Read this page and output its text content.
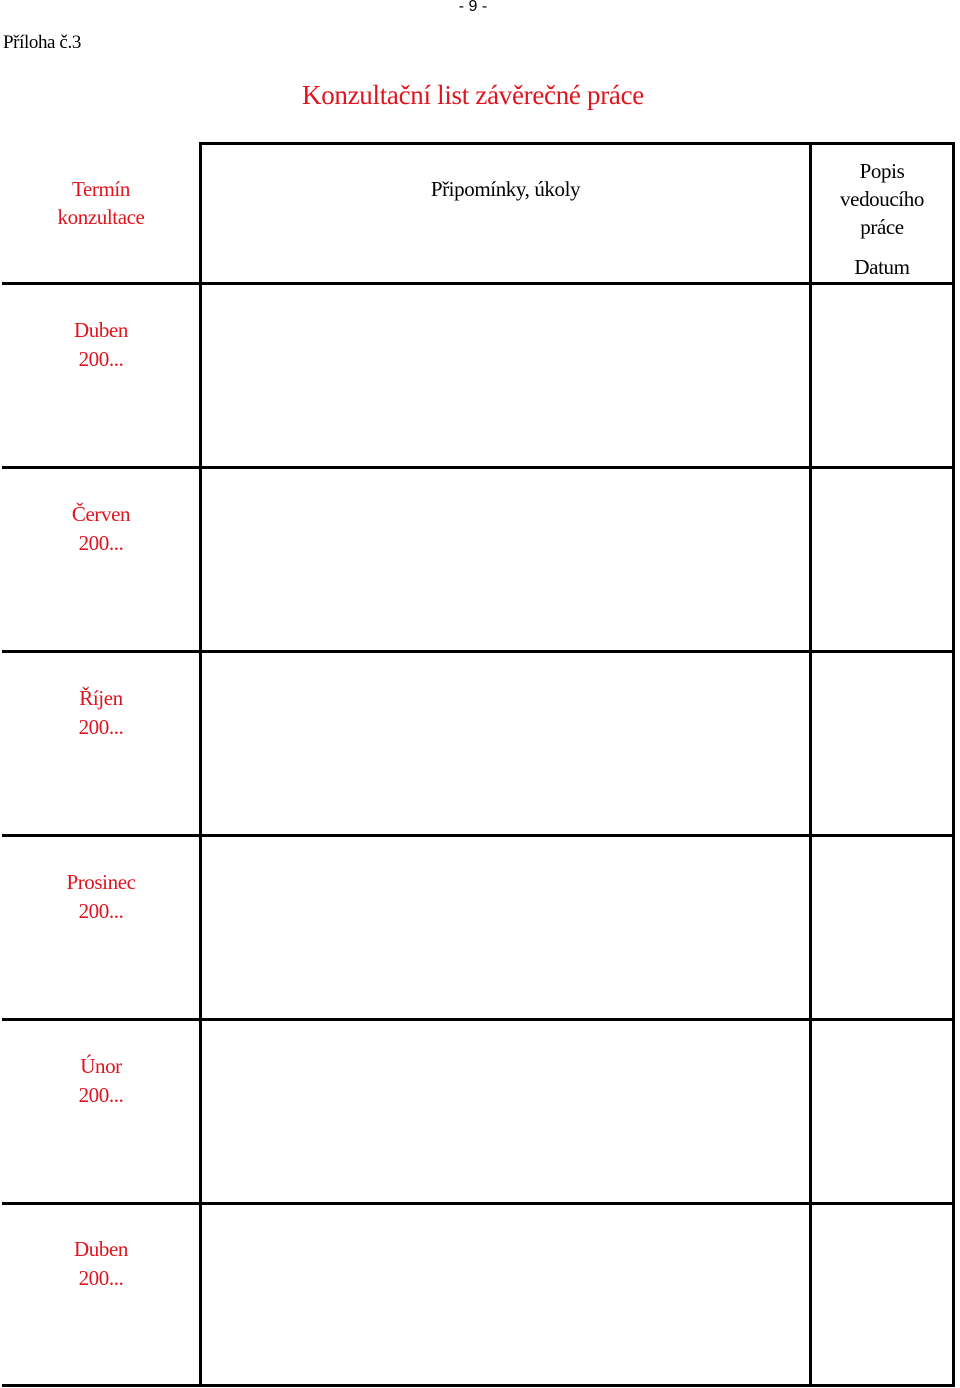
- 9 -
Příloha č.3
Konzultační list závěrečné práce
Termín
konzultace
Připomínky, úkoly
Popis
vedoucího
práce
Datum
Duben
200...
Červen
200...
Říjen
200...
Prosinec
200...
Únor
200...
Duben
200...
